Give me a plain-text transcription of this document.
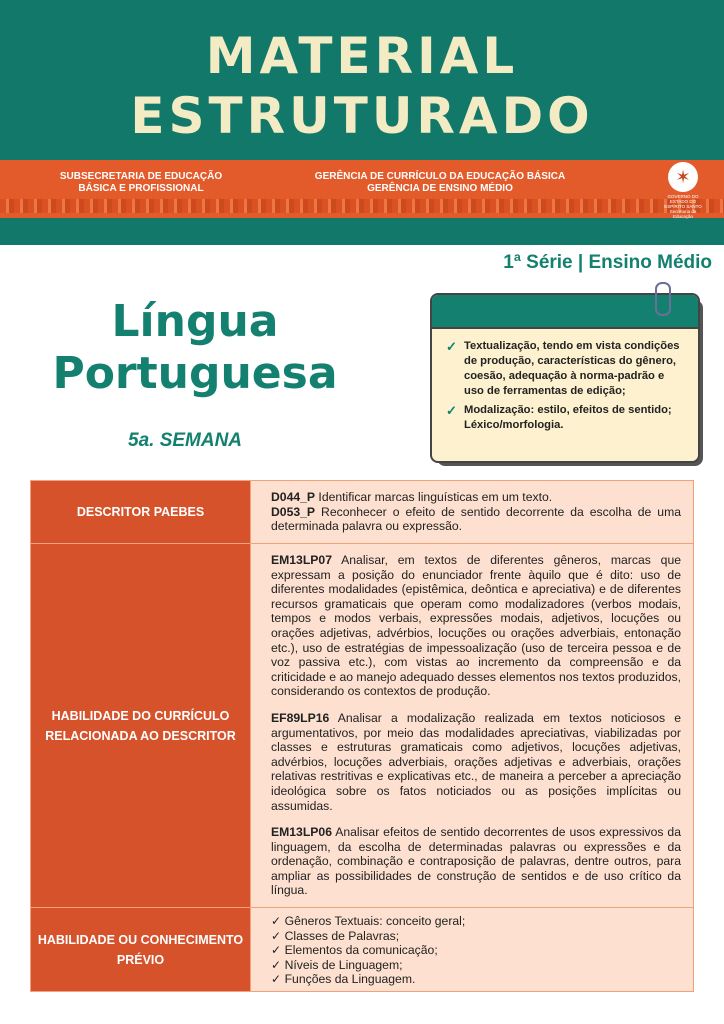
MATERIAL
ESTRUTURADO
SUBSECRETARIA DE EDUCAÇÃO BÁSICA E PROFISSIONAL
GERÊNCIA DE CURRÍCULO DA EDUCAÇÃO BÁSICA
GERÊNCIA DE ENSINO MÉDIO
✶
GOVERNO DO ESTADO DO ESPÍRITO SANTO Secretaria da Educação
1ª Série | Ensino Médio
Língua
Portuguesa
5a. SEMANA
✓ Textualização, tendo em vista condições de produção, características do gênero, coesão, adequação à norma-padrão e uso de ferramentas de edição;
✓ Modalização: estilo, efeitos de sentido; Léxico/morfologia.
DESCRITOR PAEBES	D044_P Identificar marcas linguísticas em um texto.

D053_P Reconhecer o efeito de sentido decorrente da escolha de uma determinada palavra ou expressão.

HABILIDADE DO CURRÍCULO RELACIONADA AO DESCRITOR	EM13LP07 Analisar, em textos de diferentes gêneros, marcas que expressam a posição do enunciador frente àquilo que é dito: uso de diferentes modalidades (epistêmica, deôntica e apreciativa) e de diferentes recursos gramaticais que operam como modalizadores (verbos modais, tempos e modos verbais, expressões modais, adjetivos, locuções ou orações adjetivas, advérbios, locuções ou orações adverbiais, entonação etc.), uso de estratégias de impessoalização (uso de terceira pessoa e de voz passiva etc.), com vistas ao incremento da compreensão e da criticidade e ao manejo adequado desses elementos nos textos produzidos, considerando os contextos de produção.

EF89LP16 Analisar a modalização realizada em textos noticiosos e argumentativos, por meio das modalidades apreciativas, viabilizadas por classes e estruturas gramaticais como adjetivos, locuções adjetivas, advérbios, locuções adverbiais, orações adjetivas e adverbiais, orações relativas restritivas e explicativas etc., de maneira a perceber a apreciação ideológica sobre os fatos noticiados ou as posições implícitas ou assumidas.

EM13LP06 Analisar efeitos de sentido decorrentes de usos expressivos da linguagem, da escolha de determinadas palavras ou expressões e da ordenação, combinação e contraposição de palavras, dentre outros, para ampliar as possibilidades de construção de sentidos e de uso crítico da língua.

HABILIDADE OU CONHECIMENTO PRÉVIO	✓ Gêneros Textuais: conceito geral;

✓ Classes de Palavras;

✓ Elementos da comunicação;

✓ Níveis de Linguagem;

✓ Funções da Linguagem.
